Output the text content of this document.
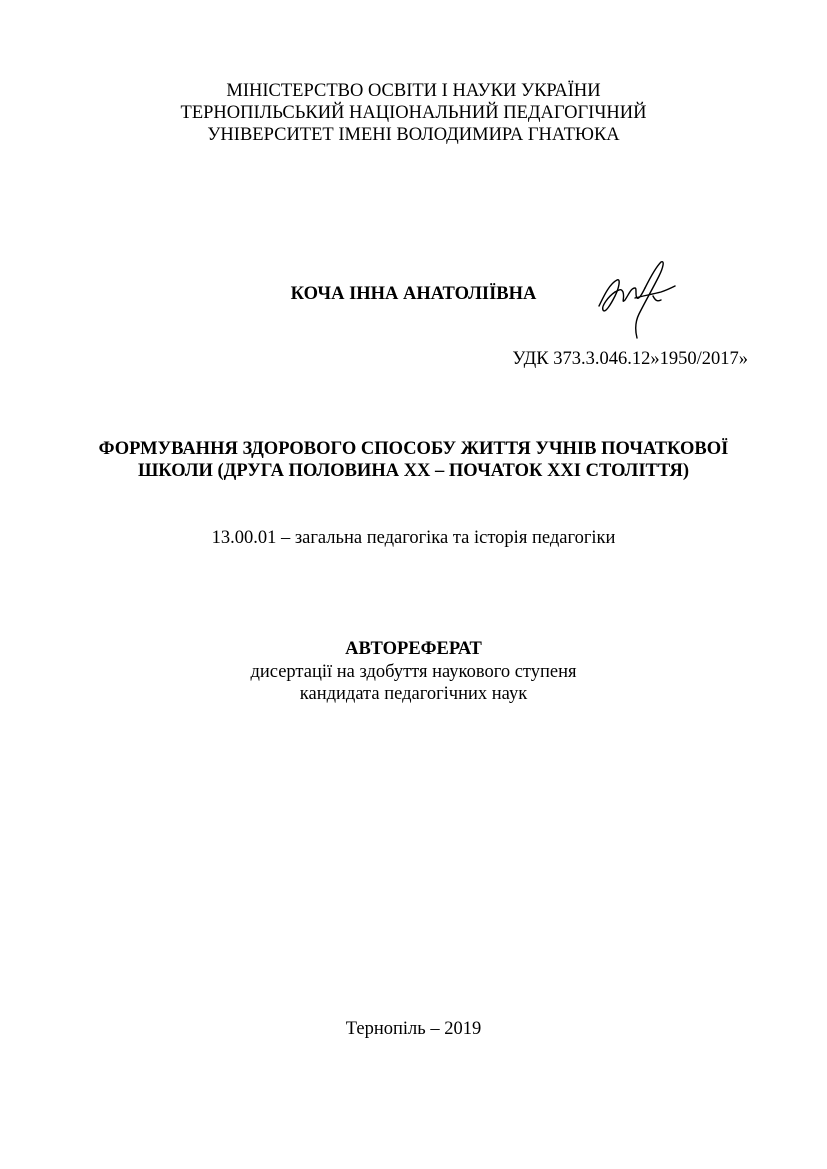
МІНІСТЕРСТВО ОСВІТИ І НАУКИ УКРАЇНИ
ТЕРНОПІЛЬСЬКИЙ НАЦІОНАЛЬНИЙ ПЕДАГОГІЧНИЙ
УНІВЕРСИТЕТ ІМЕНІ ВОЛОДИМИРА ГНАТЮКА
КОЧА ІННА АНАТОЛІЇВНА
УДК 373.3.046.12»1950/2017»
ФОРМУВАННЯ ЗДОРОВОГО СПОСОБУ ЖИТТЯ УЧНІВ ПОЧАТКОВОЇ
ШКОЛИ (ДРУГА ПОЛОВИНА ХХ – ПОЧАТОК ХХІ СТОЛІТТЯ)
13.00.01 – загальна педагогіка та історія педагогіки
АВТОРЕФЕРАТ
дисертації на здобуття наукового ступеня
кандидата педагогічних наук
Тернопіль – 2019
